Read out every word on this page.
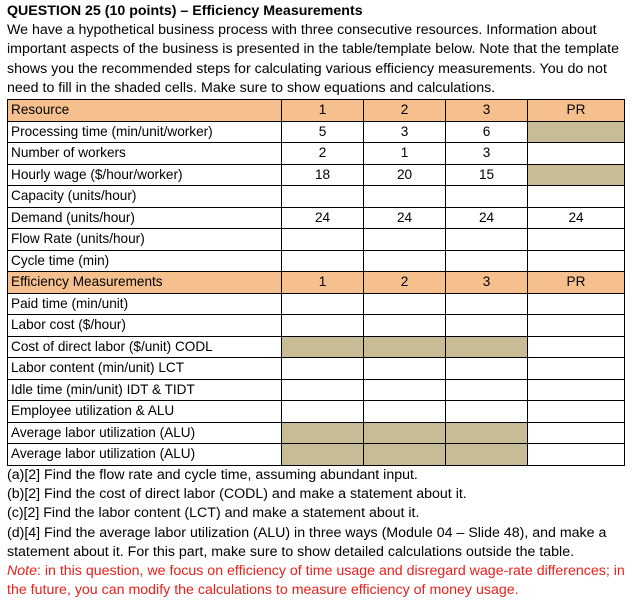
QUESTION 25 (10 points) – Efficiency Measurements

We have a hypothetical business process with three consecutive resources. Information about important aspects of the business is presented in the table/template below. Note that the template shows you the recommended steps for calculating various efficiency measurements. You do not need to fill in the shaded cells. Make sure to show equations and calculations.

Resource	1	2	3	PR
Processing time (min/unit/worker)	5	3	6	
Number of workers	2	1	3	
Hourly wage ($/hour/worker)	18	20	15	
Capacity (units/hour)				
Demand (units/hour)	24	24	24	24
Flow Rate (units/hour)				
Cycle time (min)				
Efficiency Measurements	1	2	3	PR
Paid time (min/unit)				
Labor cost ($/hour)				
Cost of direct labor ($/unit) CODL				
Labor content (min/unit) LCT				
Idle time (min/unit) IDT & TIDT				
Employee utilization & ALU				
Average labor utilization (ALU)				
Average labor utilization (ALU)				

(a)[2] Find the flow rate and cycle time, assuming abundant input.

(b)[2] Find the cost of direct labor (CODL) and make a statement about it.

(c)[2] Find the labor content (LCT) and make a statement about it.

(d)[4] Find the average labor utilization (ALU) in three ways (Module 04 – Slide 48), and make a statement about it. For this part, make sure to show detailed calculations outside the table.

Note: in this question, we focus on efficiency of time usage and disregard wage-rate differences; in the future, you can modify the calculations to measure efficiency of money usage.
